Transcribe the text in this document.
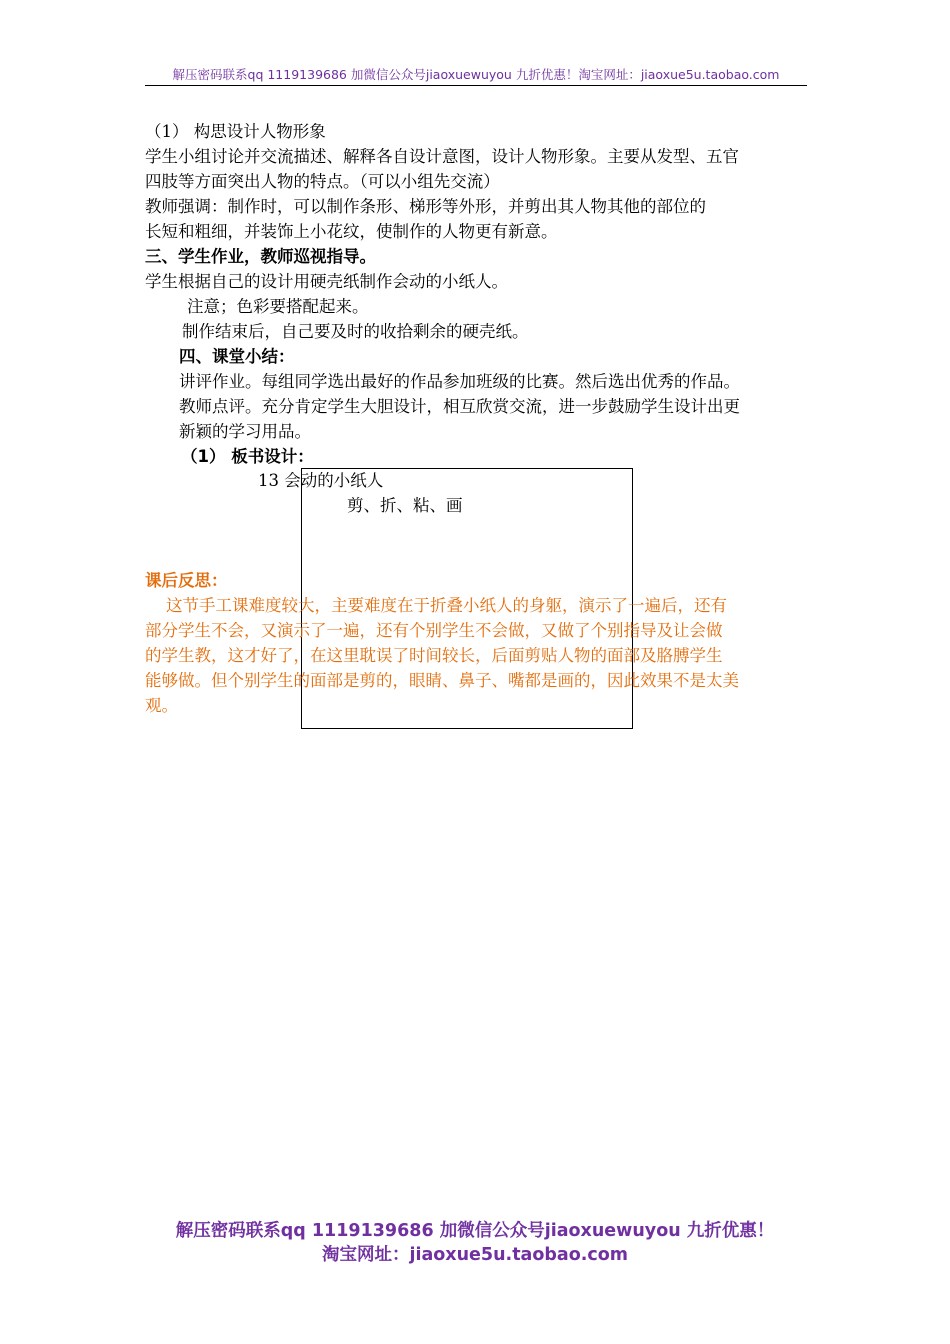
解压密码联系qq 1119139686 加微信公众号jiaoxuewuyou 九折优惠！淘宝网址：jiaoxue5u.taobao.com
（1） 构思设计人物形象
学生小组讨论并交流描述、解释各自设计意图，设计人物形象。主要从发型、五官
四肢等方面突出人物的特点。（可以小组先交流）
教师强调：制作时，可以制作条形、梯形等外形，并剪出其人物其他的部位的
长短和粗细，并装饰上小花纹，使制作的人物更有新意。
三、学生作业，教师巡视指导。
学生根据自己的设计用硬壳纸制作会动的小纸人。
注意；色彩要搭配起来。
制作结束后，自己要及时的收拾剩余的硬壳纸。
四、课堂小结：
讲评作业。每组同学选出最好的作品参加班级的比赛。然后选出优秀的作品。
教师点评。充分肯定学生大胆设计，相互欣赏交流，进一步鼓励学生设计出更
新颖的学习用品。
（1） 板书设计：
13 会动的小纸人
剪、折、粘、画
课后反思：
这节手工课难度较大，主要难度在于折叠小纸人的身躯，演示了一遍后，还有
部分学生不会，又演示了一遍，还有个别学生不会做，又做了个别指导及让会做
的学生教，这才好了，在这里耽误了时间较长，后面剪贴人物的面部及胳膊学生
能够做。但个别学生的面部是剪的，眼睛、鼻子、嘴都是画的，因此效果不是太美
观。
解压密码联系qq 1119139686 加微信公众号jiaoxuewuyou 九折优惠！
淘宝网址：jiaoxue5u.taobao.com
